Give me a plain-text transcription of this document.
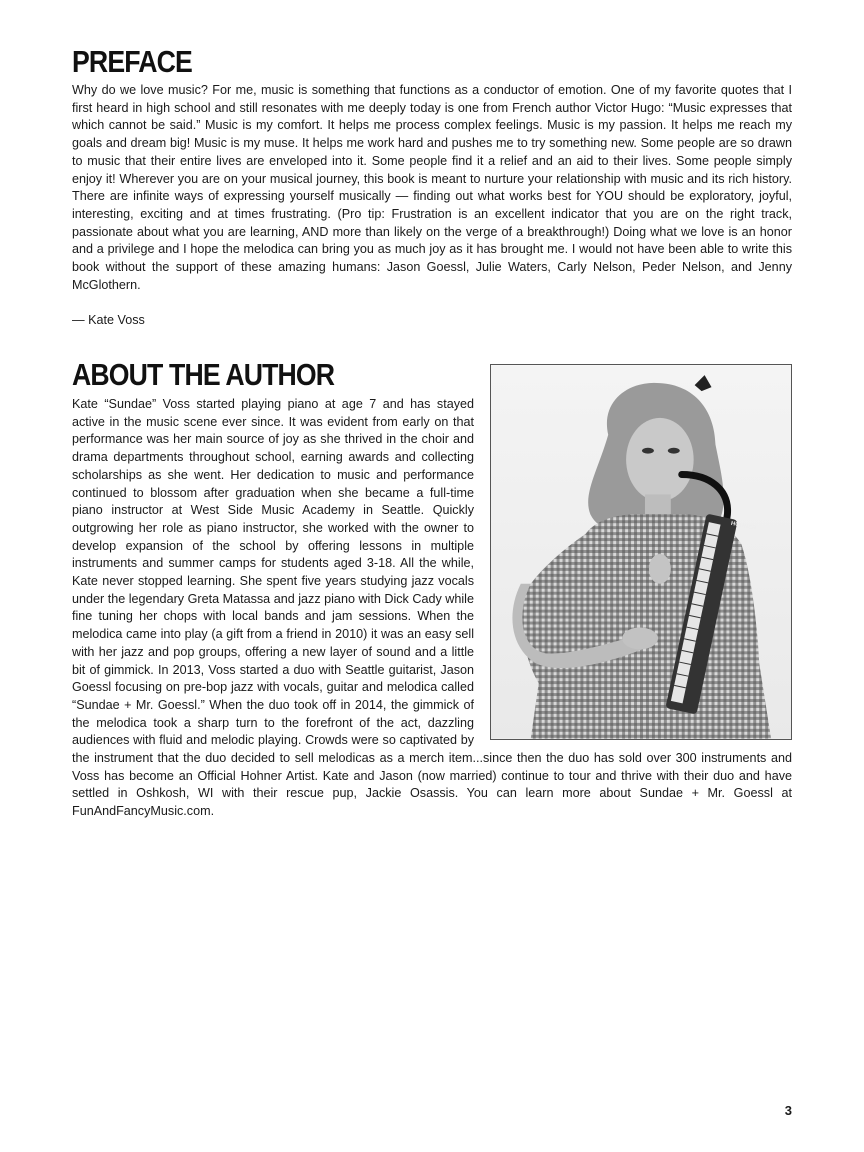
PREFACE

Why do we love music? For me, music is something that functions as a conductor of emotion. One of my favorite quotes that I first heard in high school and still resonates with me deeply today is one from French author Victor Hugo: “Music expresses that which cannot be said.” Music is my comfort. It helps me process complex feelings. Music is my passion. It helps me reach my goals and dream big! Music is my muse. It helps me work hard and pushes me to try something new. Some people are so drawn to music that their entire lives are enveloped into it. Some people find it a relief and an aid to their lives. Some people simply enjoy it! Wherever you are on your musical journey, this book is meant to nurture your relationship with music and its rich history. There are infinite ways of expressing yourself musically — finding out what works best for YOU should be exploratory, joyful, interesting, exciting and at times frustrating. (Pro tip: Frustration is an excellent indicator that you are on the right track, passionate about what you are learning, AND more than likely on the verge of a breakthrough!) Doing what we love is an honor and a privilege and I hope the melodica can bring you as much joy as it has brought me. I would not have been able to write this book without the support of these amazing humans: Jason Goessl, Julie Waters, Carly Nelson, Peder Nelson, and Jenny McGlothern.

— Kate Voss

ABOUT THE AUTHOR
HOHNER
Kate “Sundae” Voss started playing piano at age 7 and has stayed active in the music scene ever since. It was evident from early on that performance was her main source of joy as she thrived in the choir and drama departments throughout school, earning awards and collecting scholarships as she went. Her dedication to music and performance continued to blossom after graduation when she became a full-time piano instructor at West Side Music Academy in Seattle. Quickly outgrowing her role as piano instructor, she worked with the owner to develop expansion of the school by offering lessons in multiple instruments and summer camps for students aged 3-18. All the while, Kate never stopped learning. She spent five years studying jazz vocals under the legendary Greta Matassa and jazz piano with Dick Cady while fine tuning her chops with local bands and jam sessions. When the melodica came into play (a gift from a friend in 2010) it was an easy sell with her jazz and pop groups, offering a new layer of sound and a little bit of gimmick. In 2013, Voss started a duo with Seattle guitarist, Jason Goessl focusing on pre-bop jazz with vocals, guitar and melodica called “Sundae + Mr. Goessl.” When the duo took off in 2014, the gimmick of the melodica took a sharp turn to the forefront of the act, dazzling audiences with fluid and melodic playing. Crowds were so captivated by the instrument that the duo decided to sell melodicas as a merch item...since then the duo has sold over 300 instruments and Voss has become an Official Hohner Artist. Kate and Jason (now married) continue to tour and thrive with their duo and have settled in Oshkosh, WI with their rescue pup, Jackie Osassis. You can learn more about Sundae + Mr. Goessl at FunAndFancyMusic.com.
3
